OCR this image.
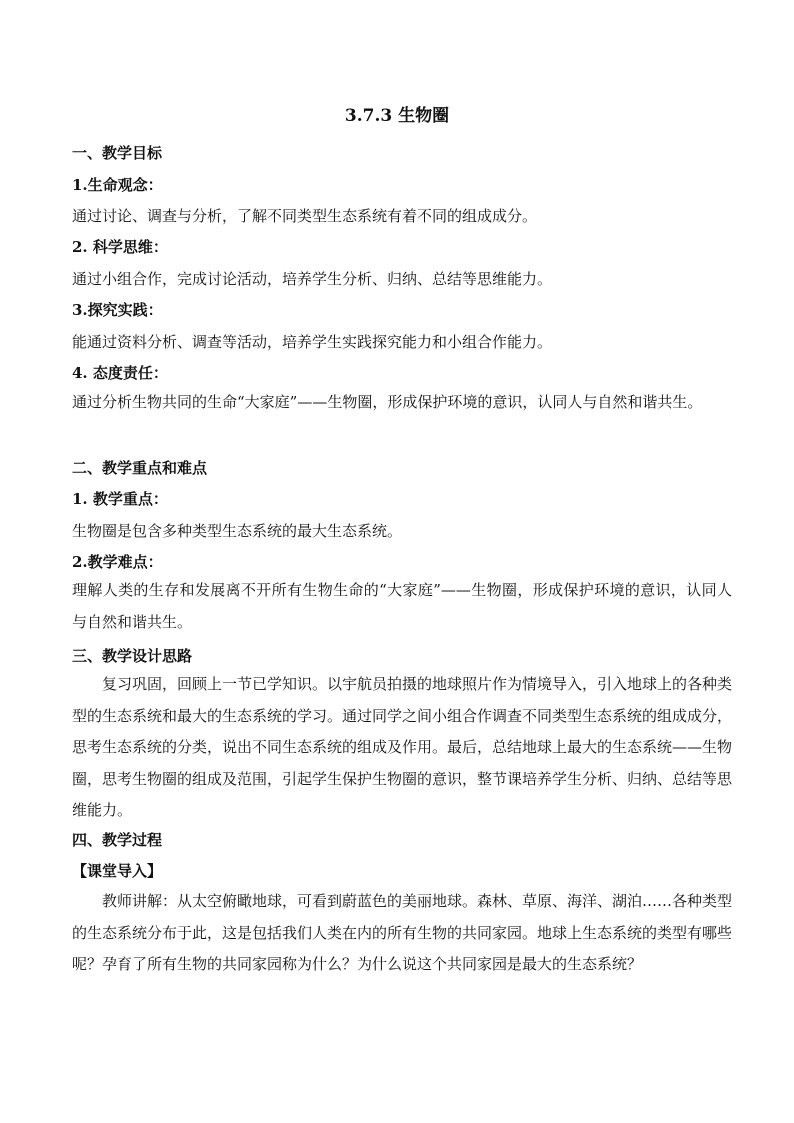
3.7.3 生物圈
一、教学目标
1.生命观念：
通过讨论、调查与分析，了解不同类型生态系统有着不同的组成成分。
2. 科学思维：
通过小组合作，完成讨论活动，培养学生分析、归纳、总结等思维能力。
3.探究实践：
能通过资料分析、调查等活动，培养学生实践探究能力和小组合作能力。
4. 态度责任：
通过分析生物共同的生命“大家庭”——生物圈，形成保护环境的意识，认同人与自然和谐共生。
二、教学重点和难点
1. 教学重点：
生物圈是包含多种类型生态系统的最大生态系统。
2.教学难点：
理解人类的生存和发展离不开所有生物生命的“大家庭”——生物圈，形成保护环境的意识，认同人与自然和谐共生。
三、教学设计思路
复习巩固，回顾上一节已学知识。以宇航员拍摄的地球照片作为情境导入，引入地球上的各种类型的生态系统和最大的生态系统的学习。通过同学之间小组合作调查不同类型生态系统的组成成分，思考生态系统的分类，说出不同生态系统的组成及作用。最后，总结地球上最大的生态系统——生物圈，思考生物圈的组成及范围，引起学生保护生物圈的意识，整节课培养学生分析、归纳、总结等思维能力。
四、教学过程
【课堂导入】
教师讲解：从太空俯瞰地球，可看到蔚蓝色的美丽地球。森林、草原、海洋、湖泊……各种类型的生态系统分布于此，这是包括我们人类在内的所有生物的共同家园。地球上生态系统的类型有哪些呢？孕育了所有生物的共同家园称为什么？为什么说这个共同家园是最大的生态系统？
